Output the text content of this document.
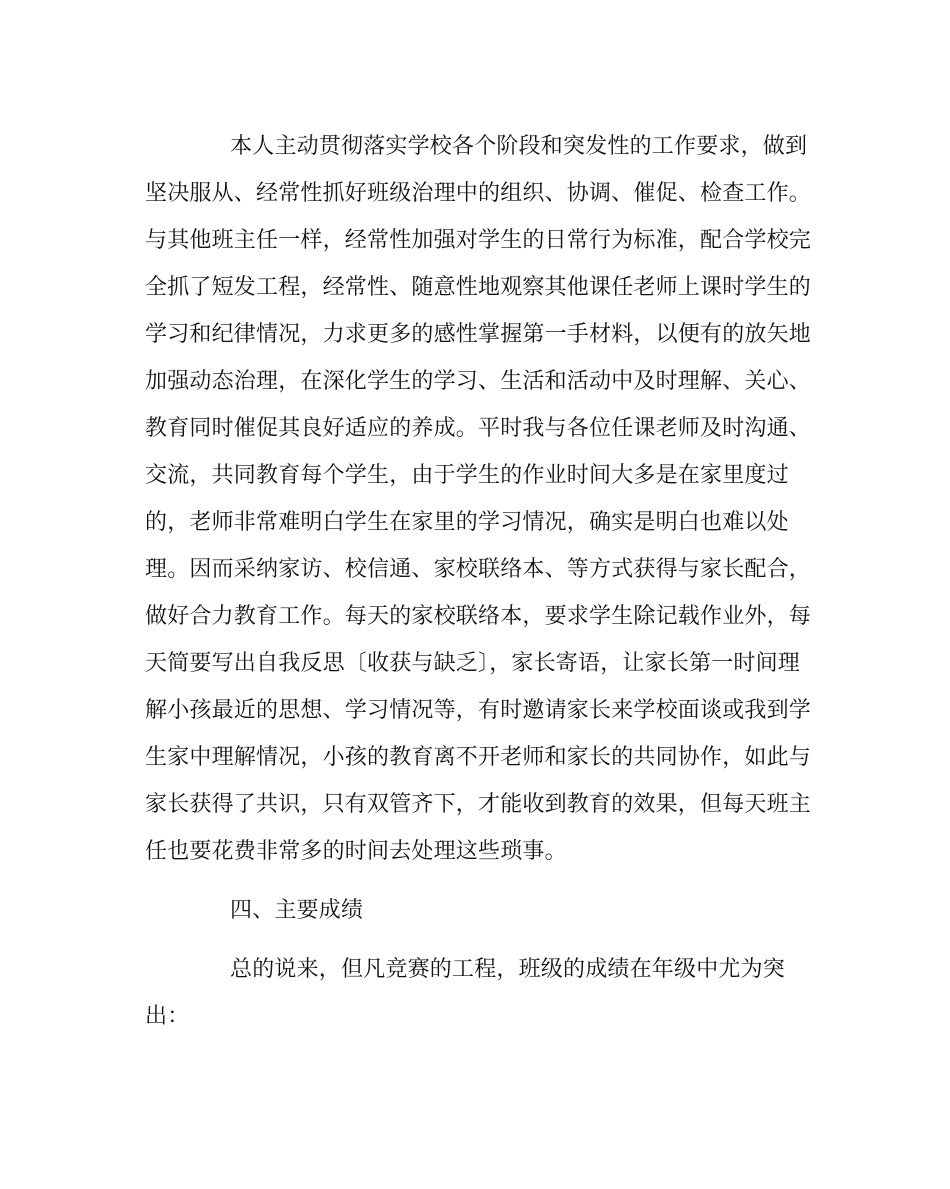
本人主动贯彻落实学校各个阶段和突发性的工作要求，做到
坚决服从、经常性抓好班级治理中的组织、协调、催促、检查工作。
与其他班主任一样，经常性加强对学生的日常行为标准，配合学校完
全抓了短发工程，经常性、随意性地观察其他课任老师上课时学生的
学习和纪律情况，力求更多的感性掌握第一手材料，以便有的放矢地
加强动态治理，在深化学生的学习、生活和活动中及时理解、关心、
教育同时催促其良好适应的养成。平时我与各位任课老师及时沟通、
交流，共同教育每个学生，由于学生的作业时间大多是在家里度过
的，老师非常难明白学生在家里的学习情况，确实是明白也难以处
理。因而采纳家访、校信通、家校联络本、等方式获得与家长配合，
做好合力教育工作。每天的家校联络本，要求学生除记载作业外，每
天简要写出自我反思〔收获与缺乏〕，家长寄语，让家长第一时间理
解小孩最近的思想、学习情况等，有时邀请家长来学校面谈或我到学
生家中理解情况，小孩的教育离不开老师和家长的共同协作，如此与
家长获得了共识，只有双管齐下，才能收到教育的效果，但每天班主
任也要花费非常多的时间去处理这些琐事。
四、主要成绩
总的说来，但凡竞赛的工程，班级的成绩在年级中尤为突
出：
